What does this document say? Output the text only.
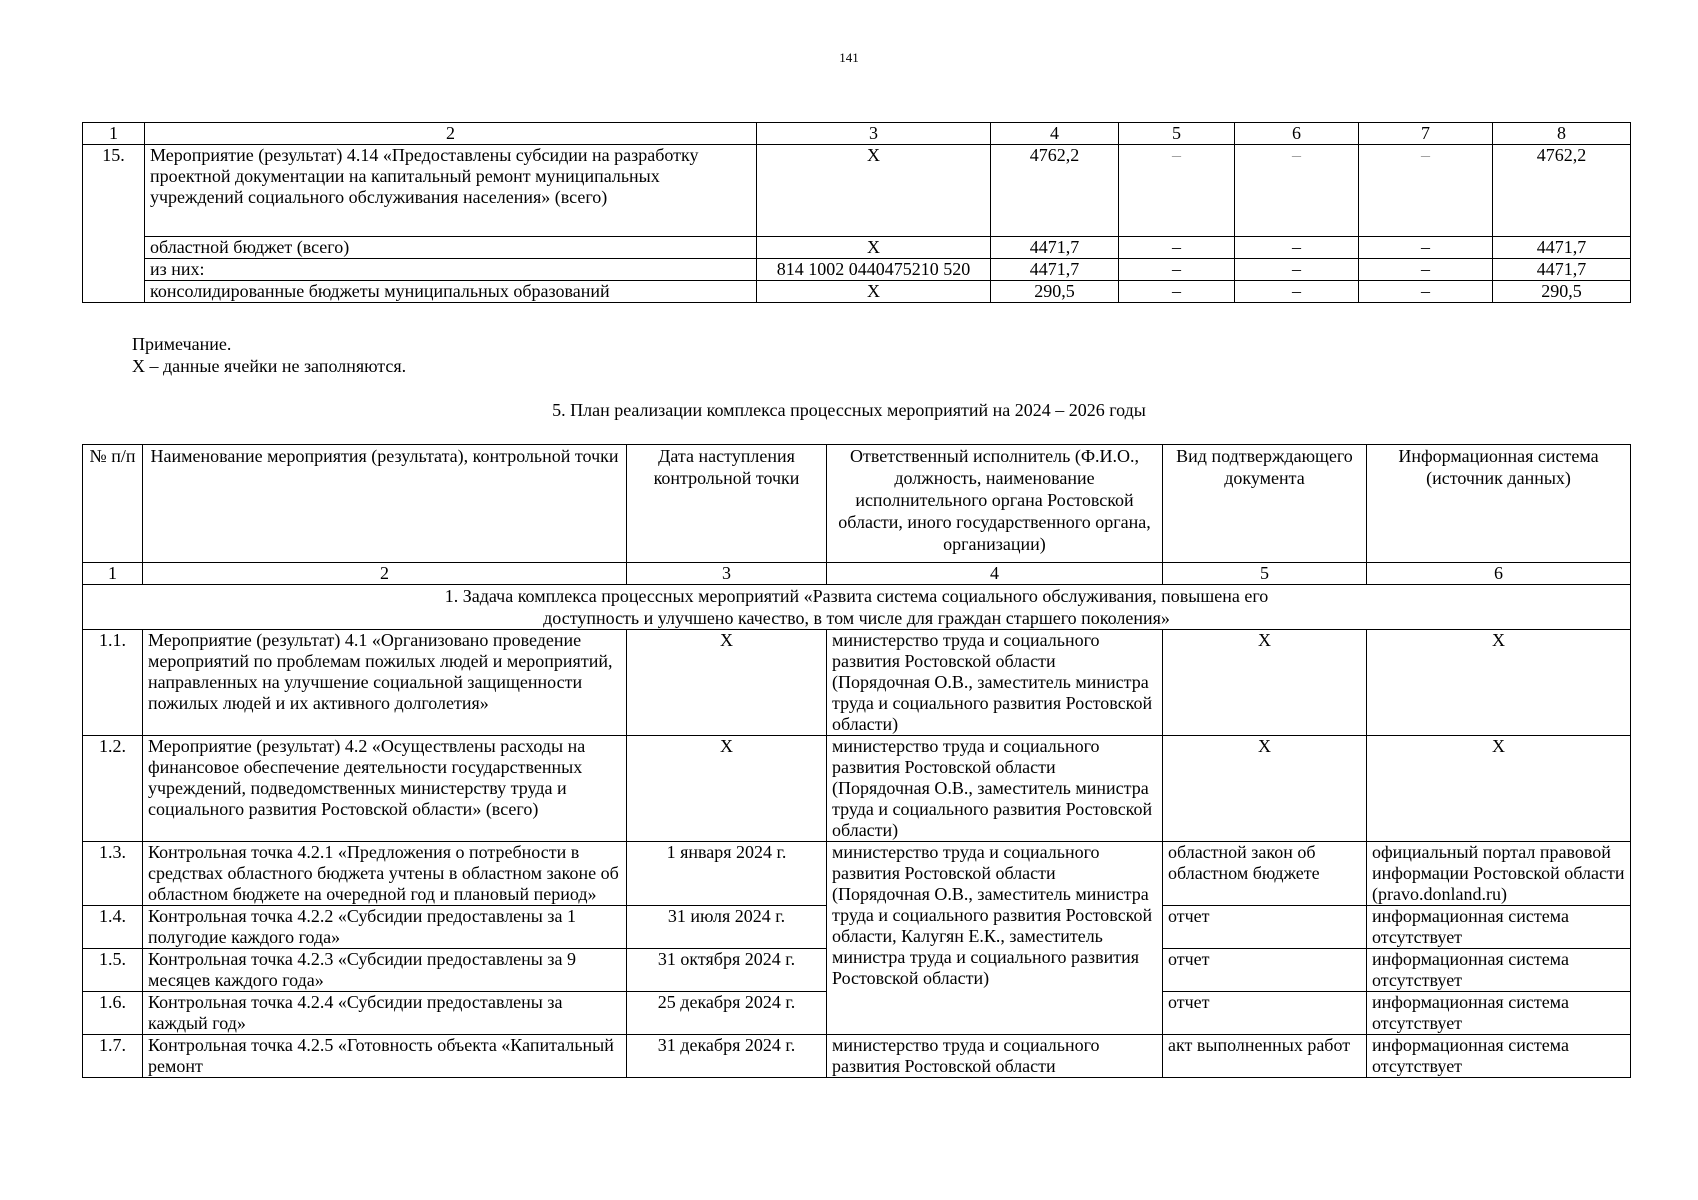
141
1	2	3	4	5	6	7	8
15.	Мероприятие (результат) 4.14 «Предоставлены субсидии на разработку проектной документации на капитальный ремонт муниципальных учреждений социального обслуживания населения» (всего)	X	4762,2	–	–	–	4762,2
	областной бюджет (всего)	X	4471,7	–	–	–	4471,7
	из них:	814 1002 0440475210 520	4471,7	–	–	–	4471,7
	консолидированные бюджеты муниципальных образований	X	290,5	–	–	–	290,5
Примечание.
X – данные ячейки не заполняются.
5. План реализации комплекса процессных мероприятий на 2024 – 2026 годы
№ п/п	Наименование мероприятия (результата), контрольной точки	Дата наступления контрольной точки	Ответственный исполнитель (Ф.И.О., должность, наименование исполнительного органа Ростовской области, иного государственного органа, организации)	Вид подтверждающего документа	Информационная система (источник данных)
1	2	3	4	5	6
1. Задача комплекса процессных мероприятий «Развита система социального обслуживания, повышена его доступность и улучшено качество, в том числе для граждан старшего поколения»					
1.1.	Мероприятие (результат) 4.1 «Организовано проведение мероприятий по проблемам пожилых людей и мероприятий, направленных на улучшение социальной защищенности пожилых людей и их активного долголетия»	X	министерство труда и социального развития Ростовской области (Порядочная О.В., заместитель министра труда и социального развития Ростовской области)	X	X
1.2.	Мероприятие (результат) 4.2 «Осуществлены расходы на финансовое обеспечение деятельности государственных учреждений, подведомственных министерству труда и социального развития Ростовской области» (всего)	X	министерство труда и социального развития Ростовской области (Порядочная О.В., заместитель министра труда и социального развития Ростовской области)	X	X
1.3.	Контрольная точка 4.2.1 «Предложения о потребности в средствах областного бюджета учтены в областном законе об областном бюджете на очередной год и плановый период»	1 января 2024 г.	министерство труда и социального развития Ростовской области (Порядочная О.В., заместитель министра труда и социального развития Ростовской области, Калугян Е.К., заместитель министра труда и социального развития Ростовской области)	областной закон об областном бюджете	официальный портал правовой информации Ростовской области (pravo.donland.ru)
1.4.	Контрольная точка 4.2.2 «Субсидии предоставлены за 1 полугодие каждого года»	31 июля 2024 г.		отчет	информационная система отсутствует
1.5.	Контрольная точка 4.2.3 «Субсидии предоставлены за 9 месяцев каждого года»	31 октября 2024 г.		отчет	информационная система отсутствует
1.6.	Контрольная точка 4.2.4 «Субсидии предоставлены за каждый год»	25 декабря 2024 г.		отчет	информационная система отсутствует
1.7.	Контрольная точка 4.2.5 «Готовность объекта «Капитальный ремонт	31 декабря 2024 г.	министерство труда и социального развития Ростовской области	акт выполненных работ	информационная система отсутствует
